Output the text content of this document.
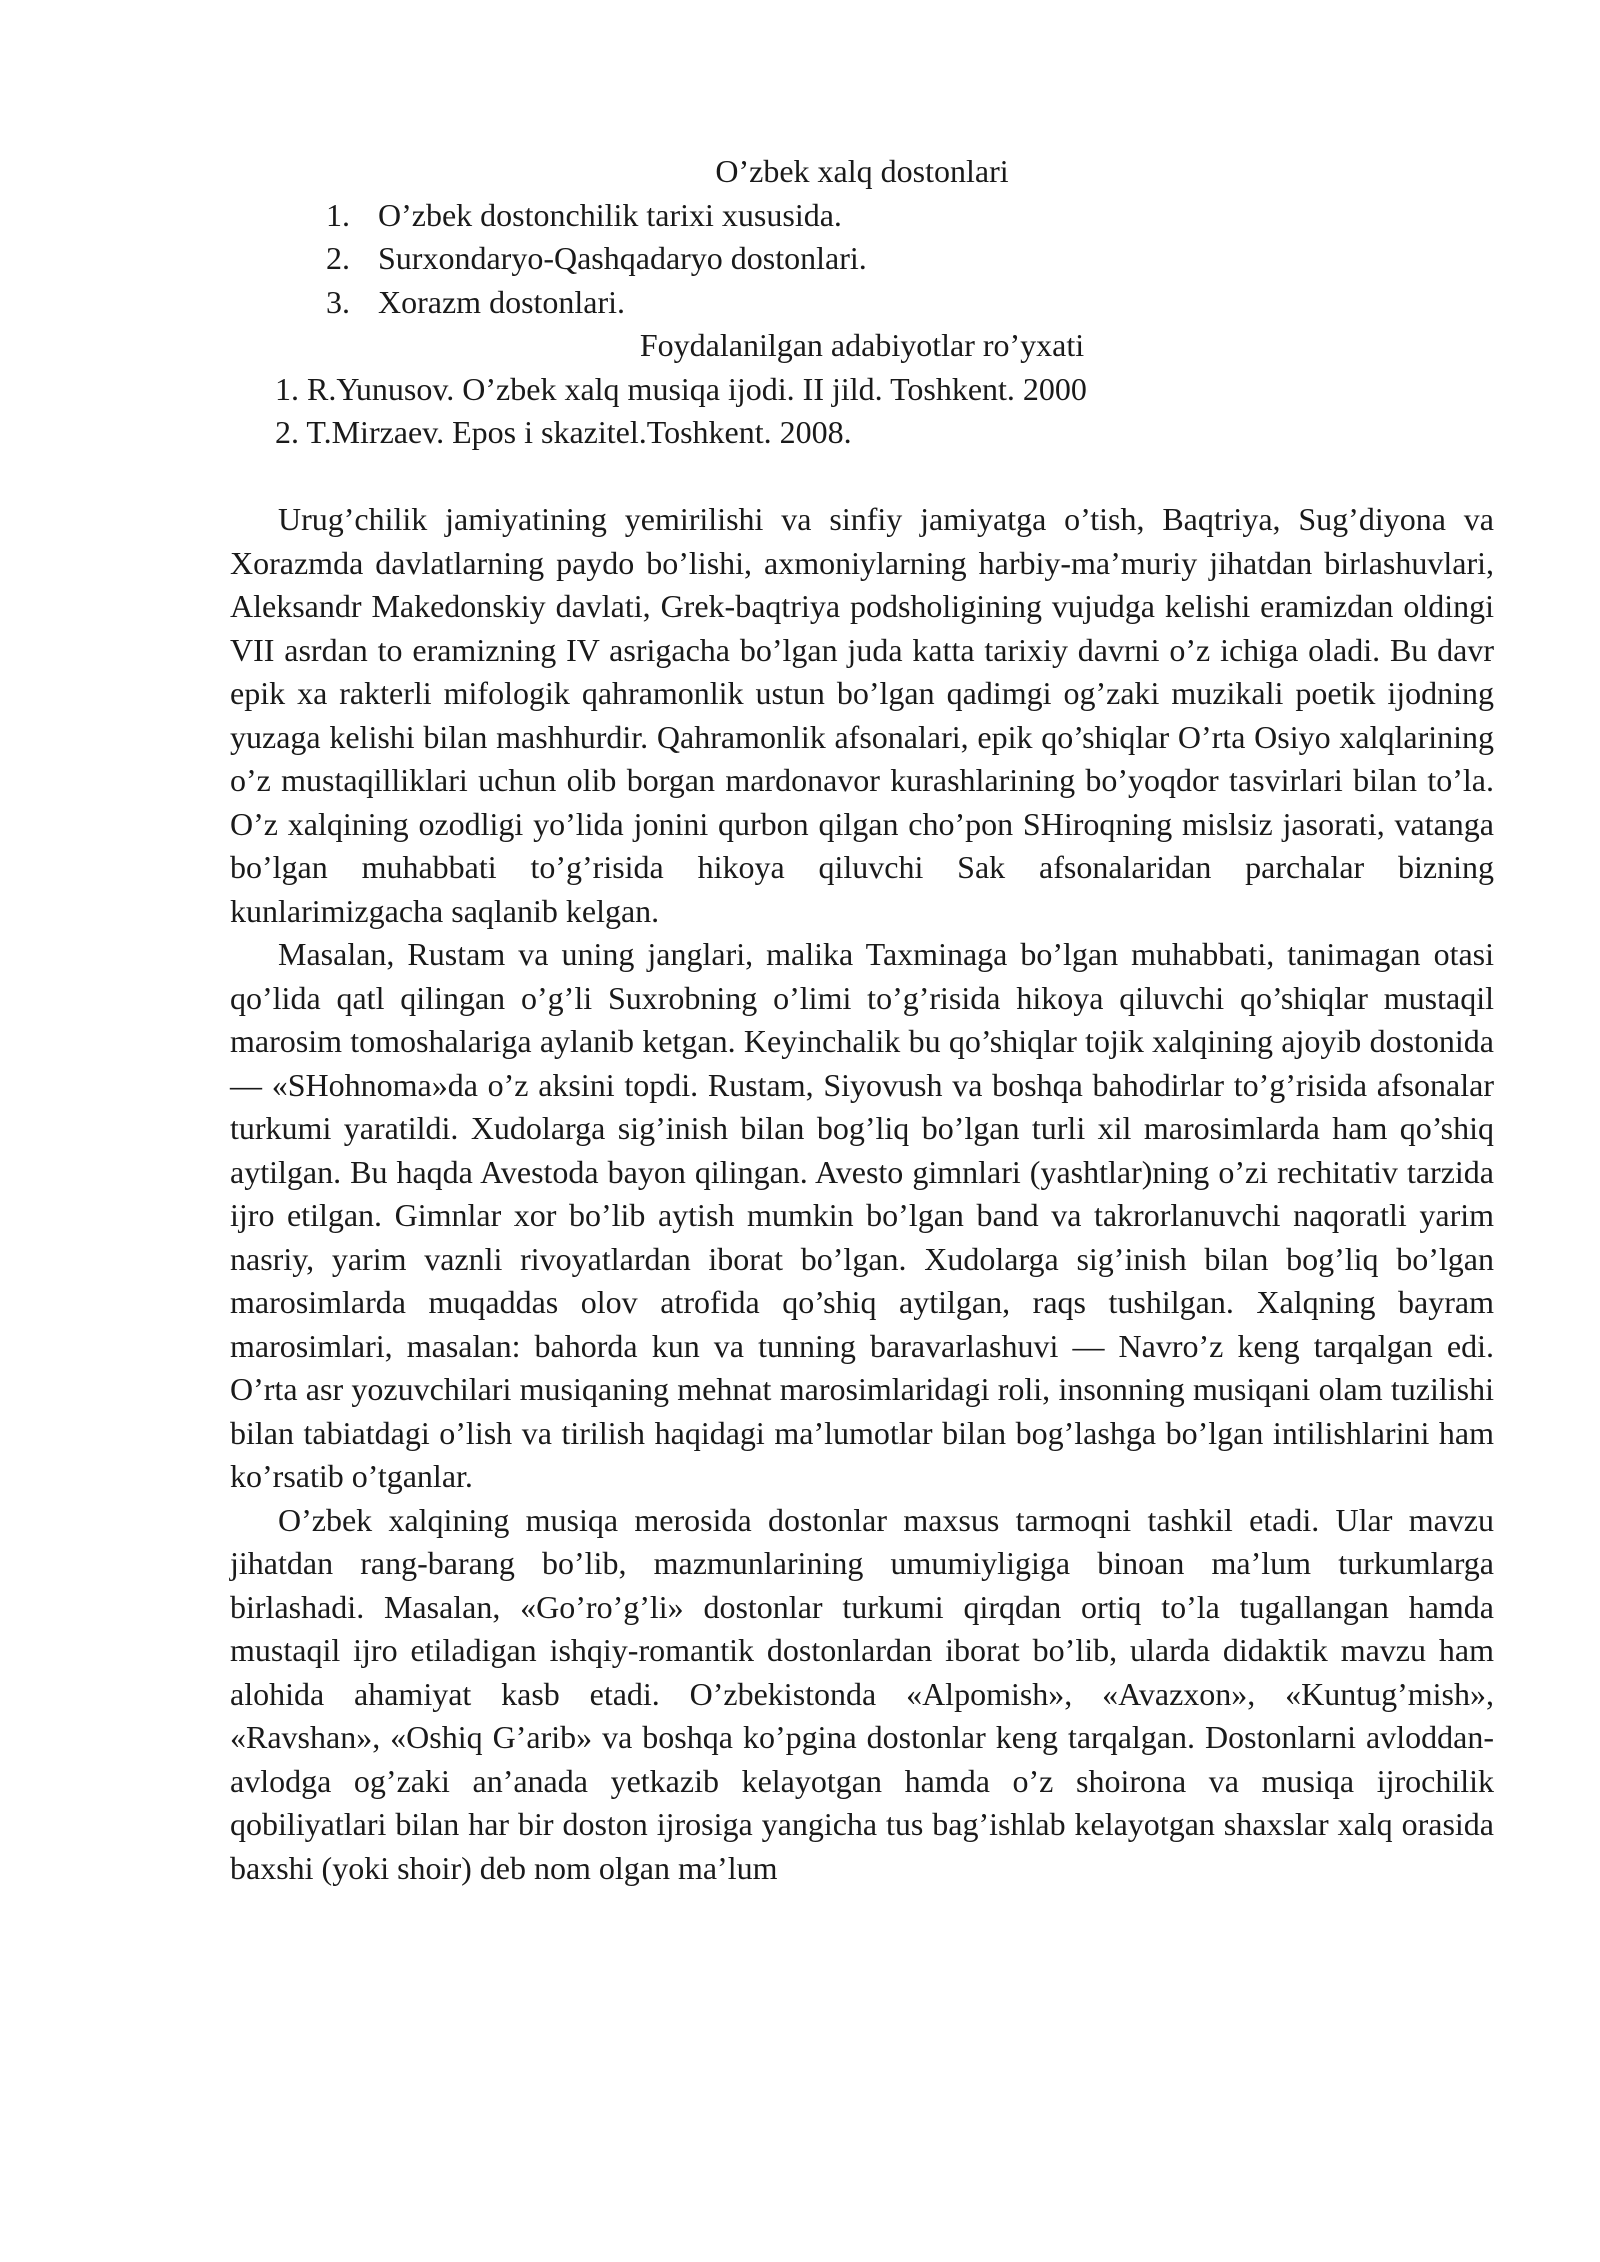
O’zbek xalq dostonlari
1. O’zbek dostonchilik tarixi xususida.
2. Surxondaryo-Qashqadaryo dostonlari.
3. Xorazm dostonlari.
Foydalanilgan adabiyotlar ro’yxati
1. R.Yunusov. O’zbek xalq musiqa ijodi. II jild. Toshkent. 2000
2. T.Mirzaev. Epos i skazitel.Toshkent. 2008.

Urug’chilik jamiyatining yemirilishi va sinfiy jamiyatga o’tish, Baqtriya, Sug’diyona va Xorazmda davlatlarning paydo bo’lishi, axmoniylarning harbiy-ma’muriy jihatdan birlashuvlari, Aleksandr Makedonskiy davlati, Grek-baqtriya podsholigining vujudga kelishi eramizdan oldingi VII asrdan to eramizning IV asrigacha bo’lgan juda katta tarixiy davrni o’z ichiga oladi. Bu davr epik xa rakterli mifologik qahramonlik ustun bo’lgan qadimgi og’zaki muzikali poetik ijodning yuzaga kelishi bilan mashhurdir. Qahramonlik afsonalari, epik qo’shiqlar O’rta Osiyo xalqlarining o’z mustaqilliklari uchun olib borgan mardonavor kurashlarining bo’yoqdor tasvirlari bilan to’la. O’z xalqining ozodligi yo’lida jonini qurbon qilgan cho’pon SHiroqning mislsiz jasorati, vatanga bo’lgan muhabbati to’g’risida hikoya qiluvchi Sak afsonalaridan parchalar bizning kunlarimizgacha saqlanib kelgan.

Masalan, Rustam va uning janglari, malika Taxminaga bo’lgan muhabbati, tanimagan otasi qo’lida qatl qilingan o’g’li Suxrobning o’limi to’g’risida hikoya qiluvchi qo’shiqlar mustaqil marosim tomoshalariga aylanib ketgan. Keyinchalik bu qo’shiqlar tojik xalqining ajoyib dostonida— «SHohnoma»da o’z aksini topdi. Rustam, Siyovush va boshqa bahodirlar to’g’risida afsonalar turkumi yaratildi. Xudolarga sig’inish bilan bog’liq bo’lgan turli xil marosimlarda ham qo’shiq aytilgan. Bu haqda Avestoda bayon qilingan. Avesto gimnlari (yashtlar)ning o’zi rechitativ tarzida ijro etilgan. Gimnlar xor bo’lib aytish mumkin bo’lgan band va takrorlanuvchi naqoratli yarim nasriy, yarim vaznli rivoyatlardan iborat bo’lgan. Xudolarga sig’inish bilan bog’liq bo’lgan marosimlarda muqaddas olov atrofida qo’shiq aytilgan, raqs tushilgan. Xalqning bayram marosimlari, masalan: bahorda kun va tunning baravarlashuvi — Navro’z keng tarqalgan edi. O’rta asr yozuvchilari musiqaning mehnat marosimlaridagi roli, insonning musiqani olam tuzilishi bilan tabiatdagi o’lish va tirilish haqidagi ma’lumotlar bilan bog’lashga bo’lgan intilishlarini ham ko’rsatib o’tganlar.

O’zbek xalqining musiqa merosida dostonlar maxsus tarmoqni tashkil etadi. Ular mavzu jihatdan rang-barang bo’lib, mazmunlarining umumiyligiga binoan ma’lum turkumlarga birlashadi. Masalan, «Go’ro’g’li» dostonlar turkumi qirqdan ortiq to’la tugallangan hamda mustaqil ijro etiladigan ishqiy-romantik dostonlardan iborat bo’lib, ularda didaktik mavzu ham alohida ahamiyat kasb etadi. O’zbekistonda «Alpomish», «Avazxon», «Kuntug’mish», «Ravshan», «Oshiq G’arib» va boshqa ko’pgina dostonlar keng tarqalgan. Dostonlarni avloddan-avlodga og’zaki an’anada yetkazib kelayotgan hamda o’z shoirona va musiqa ijrochilik qobiliyatlari bilan har bir doston ijrosiga yangicha tus bag’ishlab kelayotgan shaxslar xalq orasida baxshi (yoki shoir) deb nom olgan ma’lum
